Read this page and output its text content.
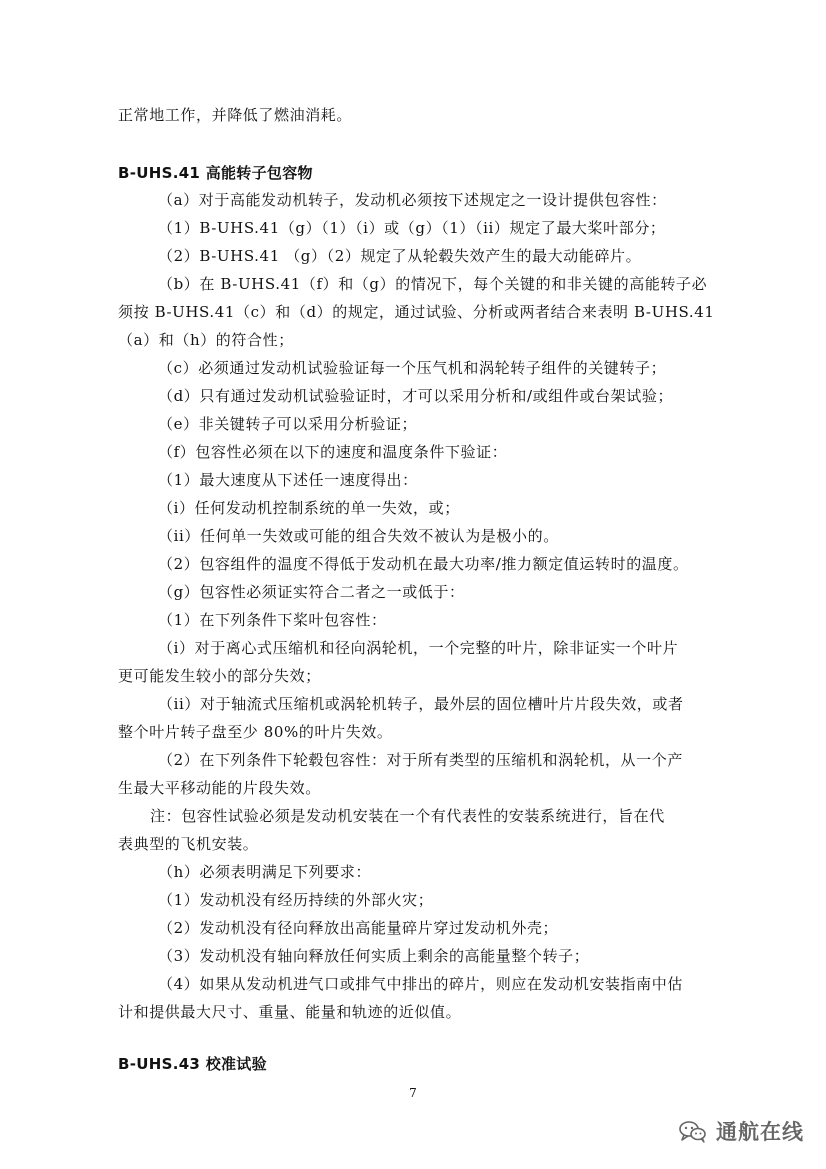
正常地工作，并降低了燃油消耗。
B-UHS.41 高能转子包容物
（a）对于高能发动机转子，发动机必须按下述规定之一设计提供包容性：
（1）B-UHS.41（g）（1）（i）或（g）（1）（ii）规定了最大桨叶部分；
（2）B-UHS.41 （g）（2）规定了从轮毂失效产生的最大动能碎片。
（b）在 B-UHS.41（f）和（g）的情况下，每个关键的和非关键的高能转子必
须按 B-UHS.41（c）和（d）的规定，通过试验、分析或两者结合来表明 B-UHS.41
（a）和（h）的符合性；
（c）必须通过发动机试验验证每一个压气机和涡轮转子组件的关键转子；
（d）只有通过发动机试验验证时，才可以采用分析和/或组件或台架试验；
（e）非关键转子可以采用分析验证；
（f）包容性必须在以下的速度和温度条件下验证：
（1）最大速度从下述任一速度得出：
（i）任何发动机控制系统的单一失效，或；
（ii）任何单一失效或可能的组合失效不被认为是极小的。
（2）包容组件的温度不得低于发动机在最大功率/推力额定值运转时的温度。
（g）包容性必须证实符合二者之一或低于：
（1）在下列条件下桨叶包容性：
（i）对于离心式压缩机和径向涡轮机，一个完整的叶片，除非证实一个叶片
更可能发生较小的部分失效；
（ii）对于轴流式压缩机或涡轮机转子，最外层的固位槽叶片片段失效，或者
整个叶片转子盘至少 80%的叶片失效。
（2）在下列条件下轮毂包容性：对于所有类型的压缩机和涡轮机，从一个产
生最大平移动能的片段失效。
注：包容性试验必须是发动机安装在一个有代表性的安装系统进行，旨在代
表典型的飞机安装。
（h）必须表明满足下列要求：
（1）发动机没有经历持续的外部火灾；
（2）发动机没有径向释放出高能量碎片穿过发动机外壳；
（3）发动机没有轴向释放任何实质上剩余的高能量整个转子；
（4）如果从发动机进气口或排气中排出的碎片，则应在发动机安装指南中估
计和提供最大尺寸、重量、能量和轨迹的近似值。
B-UHS.43 校准试验
7
通航在线
